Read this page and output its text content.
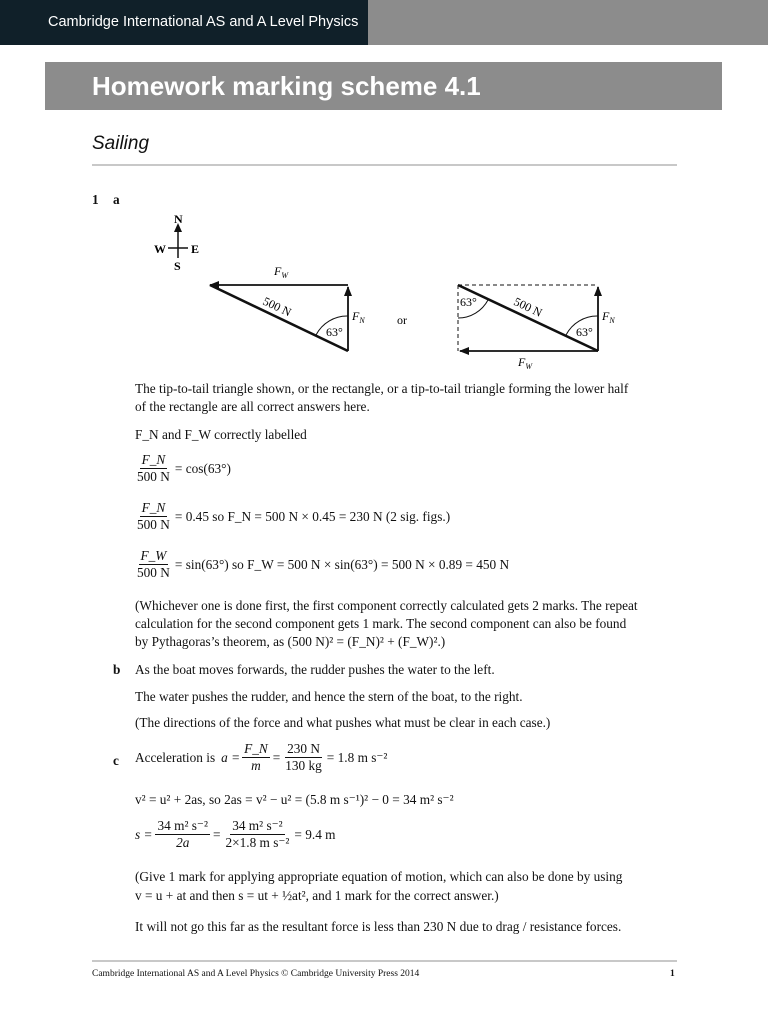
Cambridge International AS and A Level Physics
Homework marking scheme 4.1
Sailing
1 a
N
S
W E
$F_W$
500 N
63°
$F_N$	or
63°	500 N
63°
$F_N$
$F_W$
The tip-to-tail triangle shown, or the rectangle, or a tip-to-tail triangle forming the lower half
of the rectangle are all correct answers here.
F_N and F_W correctly labelled
$\frac{F\_N}{500 N} = \cos(63^\circ)$
$\frac{F\_N}{500 N} = 0.45$ so F_N = 500 N × 0.45 = 230 N (2 sig. figs.)
$\frac{F\_W}{500 N} = \sin(63^\circ)$ so F_W = 500 N × sin(63°) = 500 N × 0.89 = 450 N
(Whichever one is done first, the first component correctly calculated gets 2 marks. The repeat
calculation for the second component gets 1 mark. The second component can also be found
by Pythagoras’s theorem, as (500 N)² = (F_N)² + (F_W)².)
b As the boat moves forwards, the rudder pushes the water to the left.
The water pushes the rudder, and hence the stern of the boat, to the right.
(The directions of the force and what pushes what must be clear in each case.)
c Acceleration is $a = \frac{F\_N}{m} = \frac{230 N}{130 kg} = 1.8$ m s⁻²
v² = u² + 2as, so 2as = v² − u² = (5.8 m s⁻¹)² − 0 = 34 m² s⁻²
$s = \frac{\text{34 m² s⁻²}}{2a} = \frac{\text{34 m² s⁻²}}{\text{2×1.8 m s⁻²}} = 9.4$ m
(Give 1 mark for applying appropriate equation of motion, which can also be done by using
v = u + at and then s = ut + ½at², and 1 mark for the correct answer.)
It will not go this far as the resultant force is less than 230 N due to drag / resistance forces.
Cambridge International AS and A Level Physics © Cambridge University Press 2014	1
